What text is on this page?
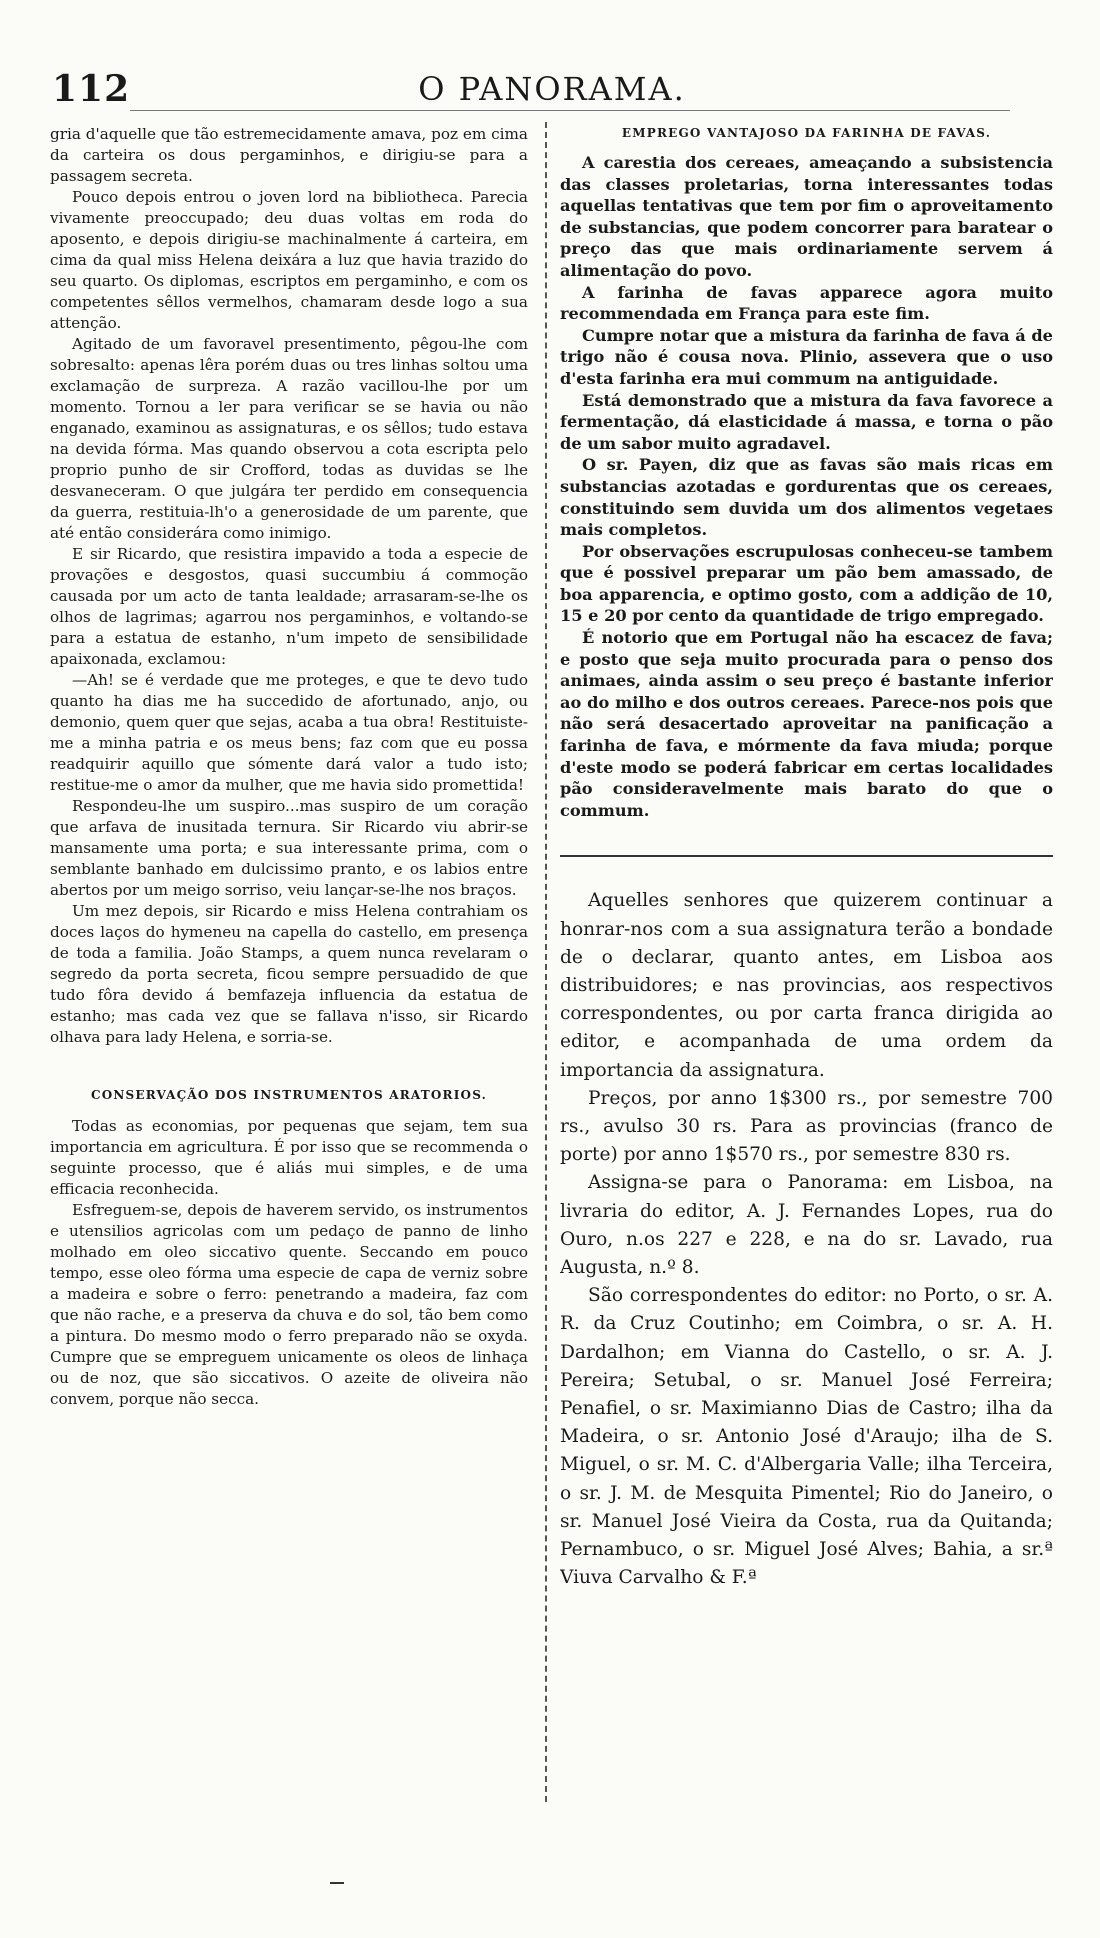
112	O PANORAMA.

gria d'aquelle que tão estremecidamente amava, poz em cima da carteira os dous pergaminhos, e dirigiu-se para a passagem secreta.

Pouco depois entrou o joven lord na bibliotheca. Parecia vivamente preoccupado; deu duas voltas em roda do aposento, e depois dirigiu-se machinalmente á carteira, em cima da qual miss Helena deixára a luz que havia trazido do seu quarto. Os diplomas, escriptos em pergaminho, e com os competentes sêllos vermelhos, chamaram desde logo a sua attenção.

Agitado de um favoravel presentimento, pêgou-lhe com sobresalto: apenas lêra porém duas ou tres linhas soltou uma exclamação de surpreza. A razão vacillou-lhe por um momento. Tornou a ler para verificar se se havia ou não enganado, examinou as assignaturas, e os sêllos; tudo estava na devida fórma. Mas quando observou a cota escripta pelo proprio punho de sir Crofford, todas as duvidas se lhe desvaneceram. O que julgára ter perdido em consequencia da guerra, restituia-lh'o a generosidade de um parente, que até então considerára como inimigo.

E sir Ricardo, que resistira impavido a toda a especie de provações e desgostos, quasi succumbiu á commoção causada por um acto de tanta lealdade; arrasaram-se-lhe os olhos de lagrimas; agarrou nos pergaminhos, e voltando-se para a estatua de estanho, n'um impeto de sensibilidade apaixonada, exclamou:

—Ah! se é verdade que me proteges, e que te devo tudo quanto ha dias me ha succedido de afortunado, anjo, ou demonio, quem quer que sejas, acaba a tua obra! Restituiste-me a minha patria e os meus bens; faz com que eu possa readquirir aquillo que sómente dará valor a tudo isto; restitue-me o amor da mulher, que me havia sido promettida!

Respondeu-lhe um suspiro...mas suspiro de um coração que arfava de inusitada ternura. Sir Ricardo viu abrir-se mansamente uma porta; e sua interessante prima, com o semblante banhado em dulcissimo pranto, e os labios entre abertos por um meigo sorriso, veiu lançar-se-lhe nos braços.

Um mez depois, sir Ricardo e miss Helena contrahiam os doces laços do hymeneu na capella do castello, em presença de toda a familia. João Stamps, a quem nunca revelaram o segredo da porta secreta, ficou sempre persuadido de que tudo fôra devido á bemfazeja influencia da estatua de estanho; mas cada vez que se fallava n'isso, sir Ricardo olhava para lady Helena, e sorria-se.

CONSERVAÇÃO DOS INSTRUMENTOS ARATORIOS.

Todas as economias, por pequenas que sejam, tem sua importancia em agricultura. É por isso que se recommenda o seguinte processo, que é aliás mui simples, e de uma efficacia reconhecida.

Esfreguem-se, depois de haverem servido, os instrumentos e utensilios agricolas com um pedaço de panno de linho molhado em oleo siccativo quente. Seccando em pouco tempo, esse oleo fórma uma especie de capa de verniz sobre a madeira e sobre o ferro: penetrando a madeira, faz com que não rache, e a preserva da chuva e do sol, tão bem como a pintura. Do mesmo modo o ferro preparado não se oxyda. Cumpre que se empreguem unicamente os oleos de linhaça ou de noz, que são siccativos. O azeite de oliveira não convem, porque não secca.

EMPREGO VANTAJOSO DA FARINHA DE FAVAS.

A carestia dos cereaes, ameaçando a subsistencia das classes proletarias, torna interessantes todas aquellas tentativas que tem por fim o aproveitamento de substancias, que podem concorrer para baratear o preço das que mais ordinariamente servem á alimentação do povo.

A farinha de favas apparece agora muito recommendada em França para este fim.

Cumpre notar que a mistura da farinha de fava á de trigo não é cousa nova. Plinio, assevera que o uso d'esta farinha era mui commum na antiguidade.

Está demonstrado que a mistura da fava favorece a fermentação, dá elasticidade á massa, e torna o pão de um sabor muito agradavel.

O sr. Payen, diz que as favas são mais ricas em substancias azotadas e gordurentas que os cereaes, constituindo sem duvida um dos alimentos vegetaes mais completos.

Por observações escrupulosas conheceu-se tambem que é possivel preparar um pão bem amassado, de boa apparencia, e optimo gosto, com a addição de 10, 15 e 20 por cento da quantidade de trigo empregado.

É notorio que em Portugal não ha escacez de fava; e posto que seja muito procurada para o penso dos animaes, ainda assim o seu preço é bastante inferior ao do milho e dos outros cereaes. Parece-nos pois que não será desacertado aproveitar na panificação a farinha de fava, e mórmente da fava miuda; porque d'este modo se poderá fabricar em certas localidades pão consideravelmente mais barato do que o commum.

Aquelles senhores que quizerem continuar a honrar-nos com a sua assignatura terão a bondade de o declarar, quanto antes, em Lisboa aos distribuidores; e nas provincias, aos respectivos correspondentes, ou por carta franca dirigida ao editor, e acompanhada de uma ordem da importancia da assignatura.

Preços, por anno 1$300 rs., por semestre 700 rs., avulso 30 rs. Para as provincias (franco de porte) por anno 1$570 rs., por semestre 830 rs.

Assigna-se para o Panorama: em Lisboa, na livraria do editor, A. J. Fernandes Lopes, rua do Ouro, n.os 227 e 228, e na do sr. Lavado, rua Augusta, n.º 8.

São correspondentes do editor: no Porto, o sr. A. R. da Cruz Coutinho; em Coimbra, o sr. A. H. Dardalhon; em Vianna do Castello, o sr. A. J. Pereira; Setubal, o sr. Manuel José Ferreira; Penafiel, o sr. Maximianno Dias de Castro; ilha da Madeira, o sr. Antonio José d'Araujo; ilha de S. Miguel, o sr. M. C. d'Albergaria Valle; ilha Terceira, o sr. J. M. de Mesquita Pimentel; Rio do Janeiro, o sr. Manuel José Vieira da Costa, rua da Quitanda; Pernambuco, o sr. Miguel José Alves; Bahia, a sr.ª Viuva Carvalho & F.ª
